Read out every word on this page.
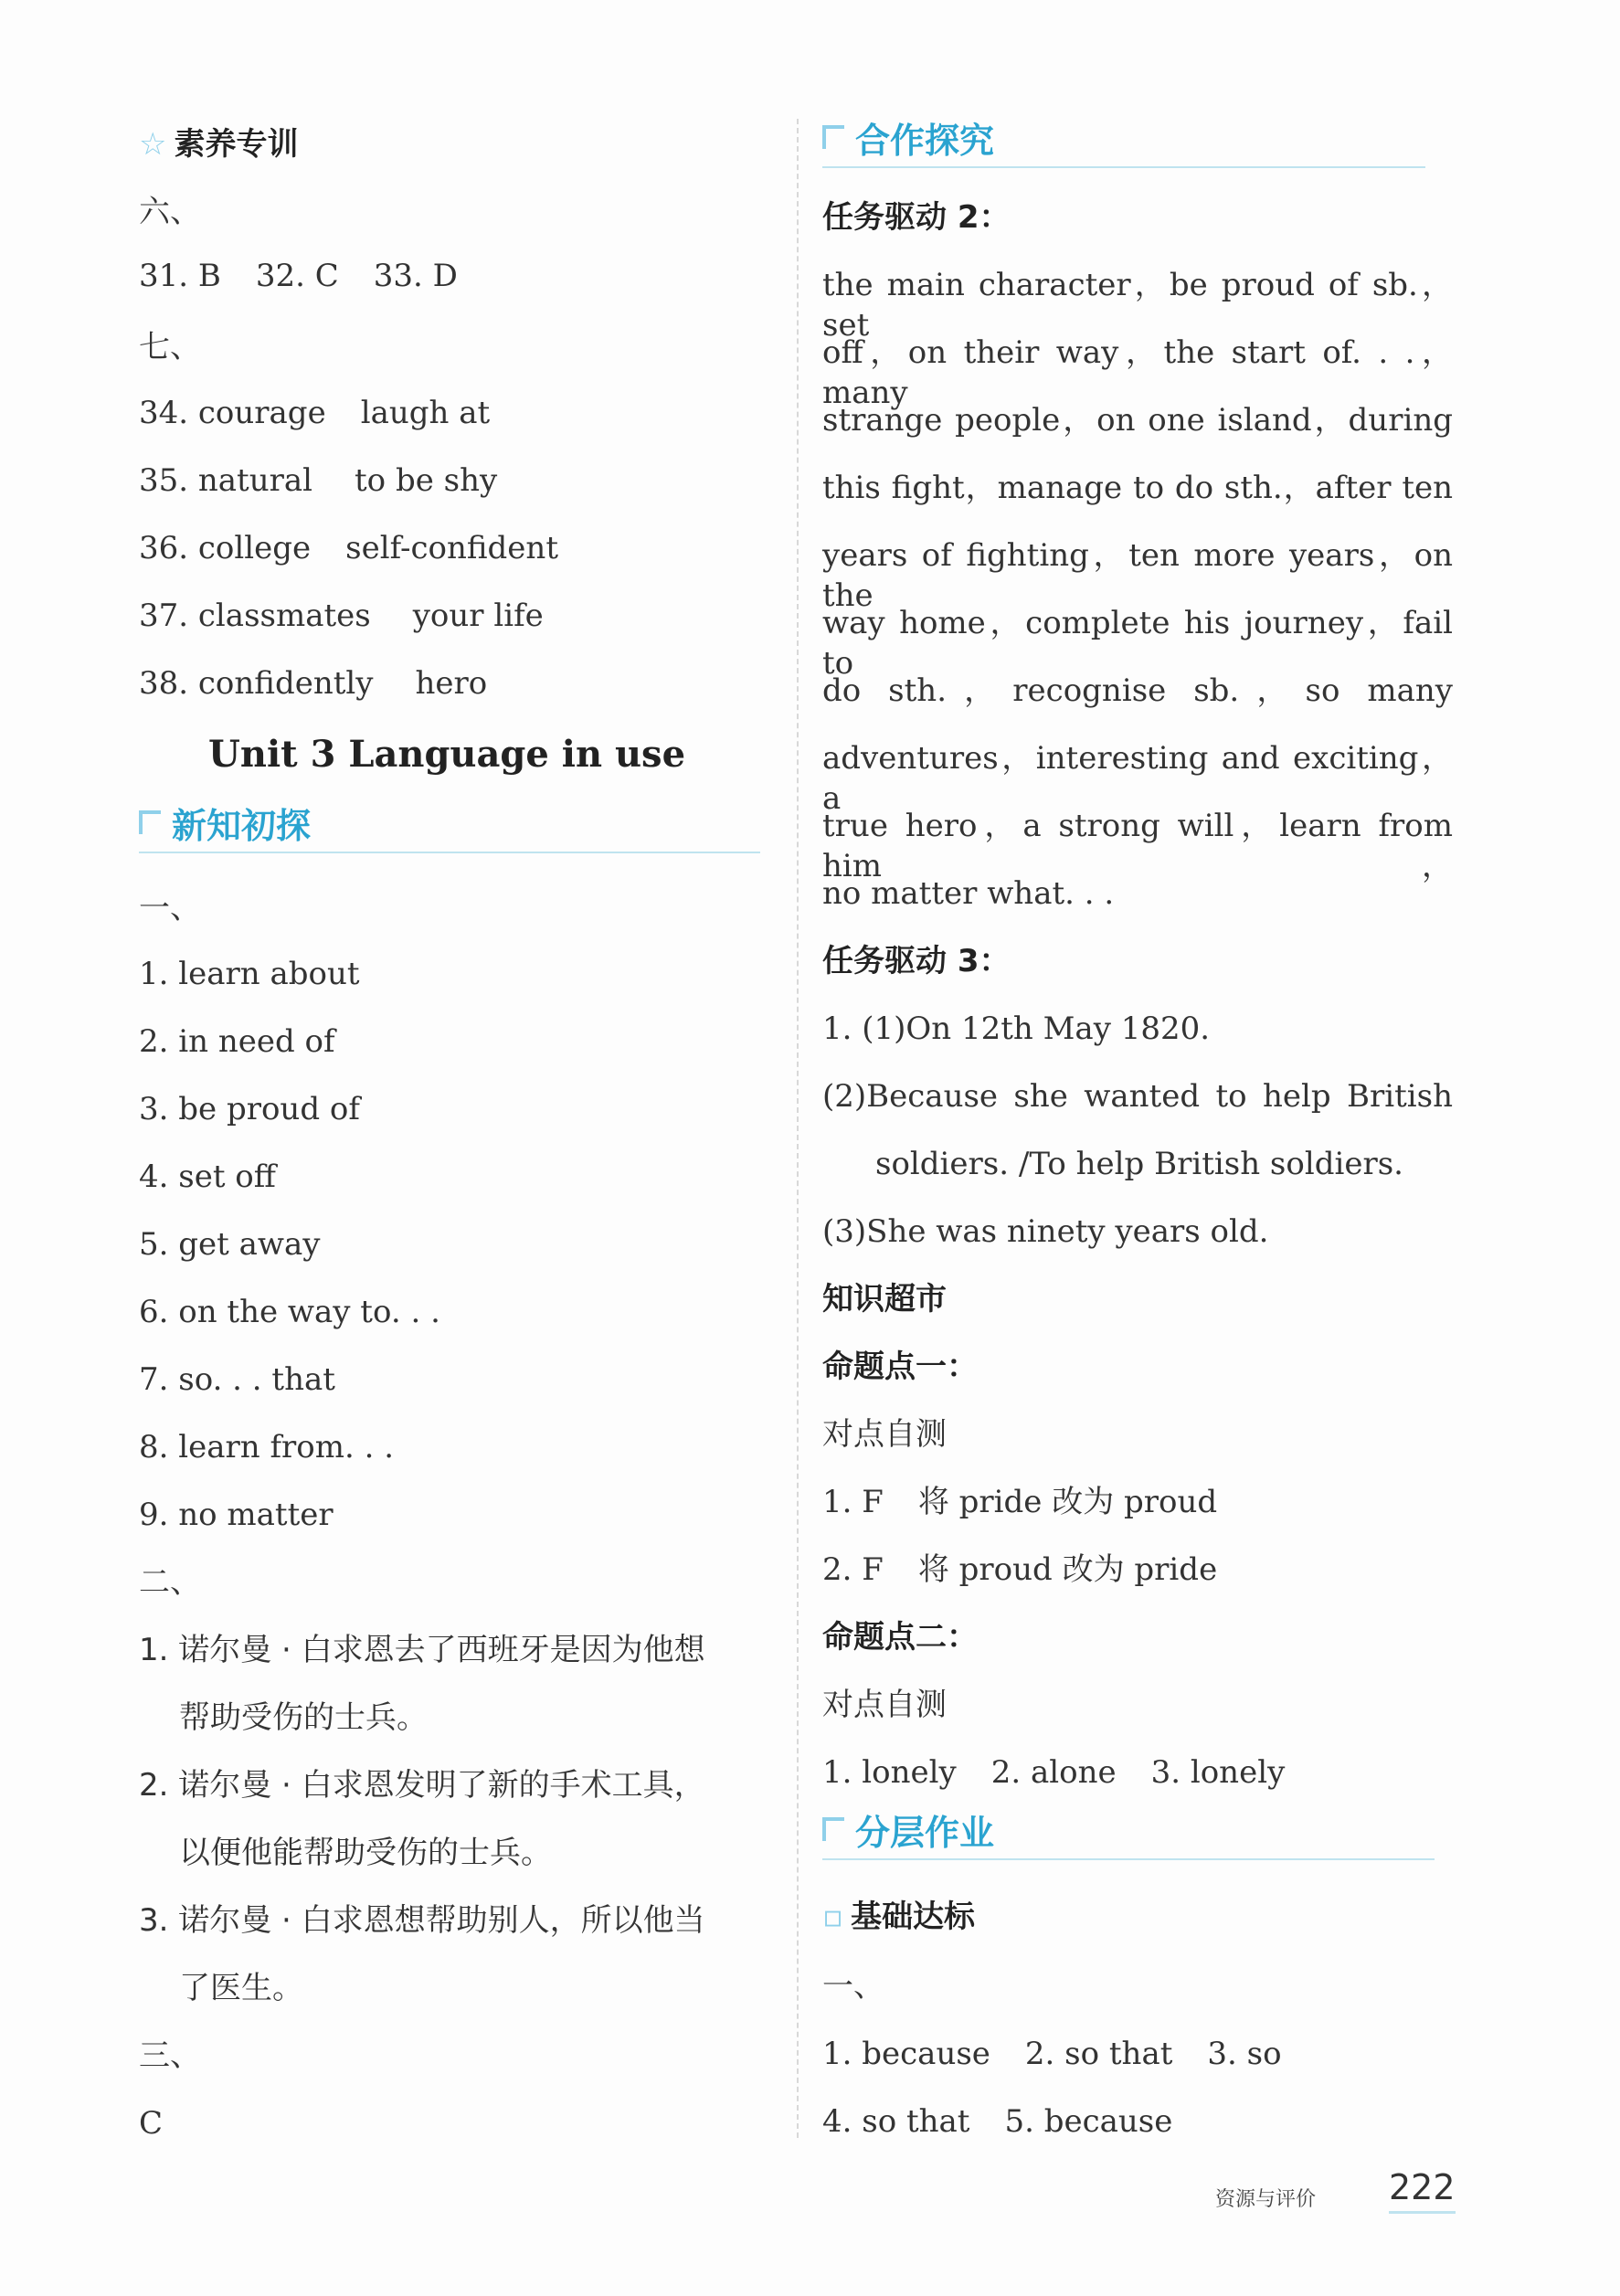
☆ 素养专训
六、
31. B 32. C 33. D
七、
34. courage laugh at
35. natural to be shy
36. college self-confident
37. classmates your life
38. confidently hero
Unit 3 Language in use
新知初探
一、
1. learn about
2. in need of
3. be proud of
4. set off
5. get away
6. on the way to. . .
7. so. . . that
8. learn from. . .
9. no matter
二、
1. 诺尔曼 · 白求恩去了西班牙是因为他想
帮助受伤的士兵。
2. 诺尔曼 · 白求恩发明了新的手术工具，
以便他能帮助受伤的士兵。
3. 诺尔曼 · 白求恩想帮助别人，所以他当
了医生。
三、
C
合作探究
任务驱动 2：
the main character，be proud of sb.，set
off，on their way，the start of. . .，many
strange people，on one island，during
this fight，manage to do sth.，after ten
years of fighting，ten more years，on the
way home，complete his journey，fail to
do sth.，recognise sb.，so many
adventures，interesting and exciting，a
true hero，a strong will，learn from him，
no matter what. . .
任务驱动 3：
1. (1)On 12th May 1820.
(2)Because she wanted to help British
soldiers. /To help British soldiers.
(3)She was ninety years old.
知识超市
命题点一：
对点自测
1. F 将 pride 改为 proud
2. F 将 proud 改为 pride
命题点二：
对点自测
1. lonely 2. alone 3. lonely
分层作业
▫ 基础达标
一、
1. because 2. so that 3. so
4. so that 5. because
资源与评价 222
